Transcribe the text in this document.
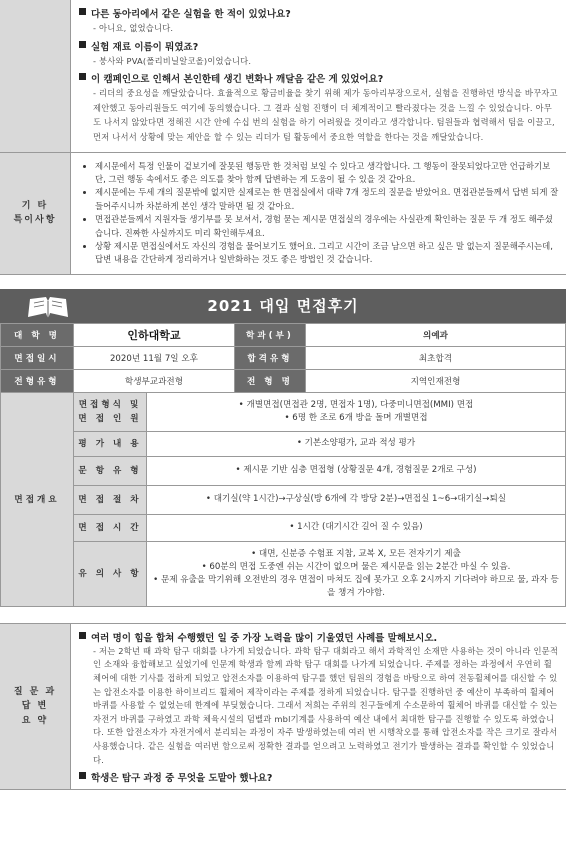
다른 동아리에서 같은 실험을 한 적이 있었나요?
- 아니요, 없었습니다.
실험 재료 이름이 뭐였죠?
- 붕사와 PVA(폴리비닐알코올)이었습니다.
이 캠페인으로 인해서 본인한테 생긴 변화나 깨달음 같은 게 있었어요?
- 리더의 중요성을 깨달았습니다. 효율적으로 황금비율을 찾기 위해 제가 동아리부장으로서, 실험을 진행하던 방식을 바꾸자고 제안했고 동아리원들도 여기에 동의했습니다. 그 결과 실험 진행이 더 체계적이고 빨라졌다는 것을 느낄 수 있었습니다. 아무도 나서지 않았다면 정해진 시간 안에 수십 번의 실험을 하기 어려웠을 것이라고 생각합니다. 팀원들과 협력해서 팀을 이끌고, 먼저 나서서 상황에 맞는 제안을 할 수 있는 리더가 팀 활동에서 중요한 역할을 한다는 것을 깨달았습니다.
기 타
특이사항
• 제시문에서 특정 인물이 겉보기에 잘못된 행동만 한 것처럼 보일 수 있다고 생각합니다. 그 행동이 잘못되었다고만 언급하기보단, 그런 행동 속에서도 좋은 의도를 찾아 함께 답변하는 게 도움이 될 수 있을 것 같아요.
• 제시문에는 두세 개의 질문밖에 없지만 실제로는 한 면접실에서 대략 7개 정도의 질문을 받았어요. 면접관분들께서 답변 되게 잘 들어주시니까 차분하게 본인 생각 말하면 될 것 같아요.
• 면접관분들께서 지원자들 생기부를 못 보셔서, 경험 묻는 제시문 면접실의 경우에는 사실관계 확인하는 질문 두 개 정도 해주셨습니다. 진짜한 사실까지도 미리 확인해두세요.
• 상황 제시문 면접실에서도 자신의 경험을 물어보기도 했어요. 그리고 시간이 조금 남으면 하고 싶은 말 없는지 질문해주시는데, 답변 내용을 간단하게 정리하거나 일반화하는 것도 좋은 방법인 것 같습니다.
2021 대입 면접후기
대 학 명	인하대학교		학과(부)	의예과
면접일시	2020년 11월 7일 오후		합격유형	최초합격
전형유형	학생부교과전형		전 형 명	지역인재전형
면접개요	면접형식 및 면 접 인 원	• 개별면접(면접관 2명, 면접자 1명), 다중미니면접(MMI) 면접
• 6명 한 조로 6개 방을 돌며 개별면접		

	평 가 내 용	• 기본소양평가, 교과 적성 평가		
	문 항 유 형	• 제시문 기반 심층 면접형 (상황질문 4개, 경험질문 2개로 구성)		
	면 접 절 차	• 대기실(약 1시간)→구상실(방 6개에 각 방당 2분)→면접실 1~6→대기실→퇴실		
	면 접 시 간	• 1시간 (대기시간 길어 질 수 있음)		
	유 의 사 항	• 대면, 신분증 수험표 지참, 교복 X, 모든 전자기기 제출
• 60분의 면접 도중엔 쉬는 시간이 없으며 물은 제시문을 읽는 2분간 마실 수 있음.
• 문제 유출을 막기위해 오전반의 경우 면접이 마쳐도 집에 못가고 오후 2시까지 기다려야 하므로 물, 과자 등을 챙겨 가야함.		
질 문 과
답 변
요 약
여러 명이 힘을 합쳐 수행했던 일 중 가장 노력을 많이 기울였던 사례를 말해보시오.
- 저는 2학년 때 과학 탐구 대회를 나가게 되었습니다. 과학 탐구 대회라고 해서 과학적인 소재만 사용하는 것이 아니라 인문적인 소재와 융합해보고 싶었기에 인문계 학생과 함께 과학 탐구 대회를 나가게 되었습니다. 주제를 정하는 과정에서 우연히 휠체어에 대한 기사를 접하게 되었고 압전소자를 이용하여 탐구를 했던 팀원의 경험을 바탕으로 하여 전동휠체어를 대신할 수 있는 압전소자를 이용한 하이브리드 휠체어 제작이라는 주제를 정하게 되었습니다. 탐구를 진행하던 중 예산이 부족하여 휠체어 바퀴를 사용할 수 없었는데 한계에 부딪혔습니다. 그래서 저희는 주위의 친구들에게 수소문하여 휠체어 바퀴를 대신할 수 있는 자전거 바퀴를 구하였고 과학 체육시설의 덤벨과 mbl기계를 사용하여 예산 내에서 최대한 탐구를 진행할 수 있도록 하였습니다. 또한 압전소자가 자전거에서 분리되는 과정이 자주 발생하였는데 여러 번 시행착오를 통해 압전소자를 작은 크기로 잘라서 사용했습니다. 같은 실험을 여러번 함으로써 정확한 결과를 얻으려고 노력하였고 전기가 발생하는 결과를 확인할 수 있었습니다.
학생은 탐구 과정 중 무엇을 도맡아 했나요?
